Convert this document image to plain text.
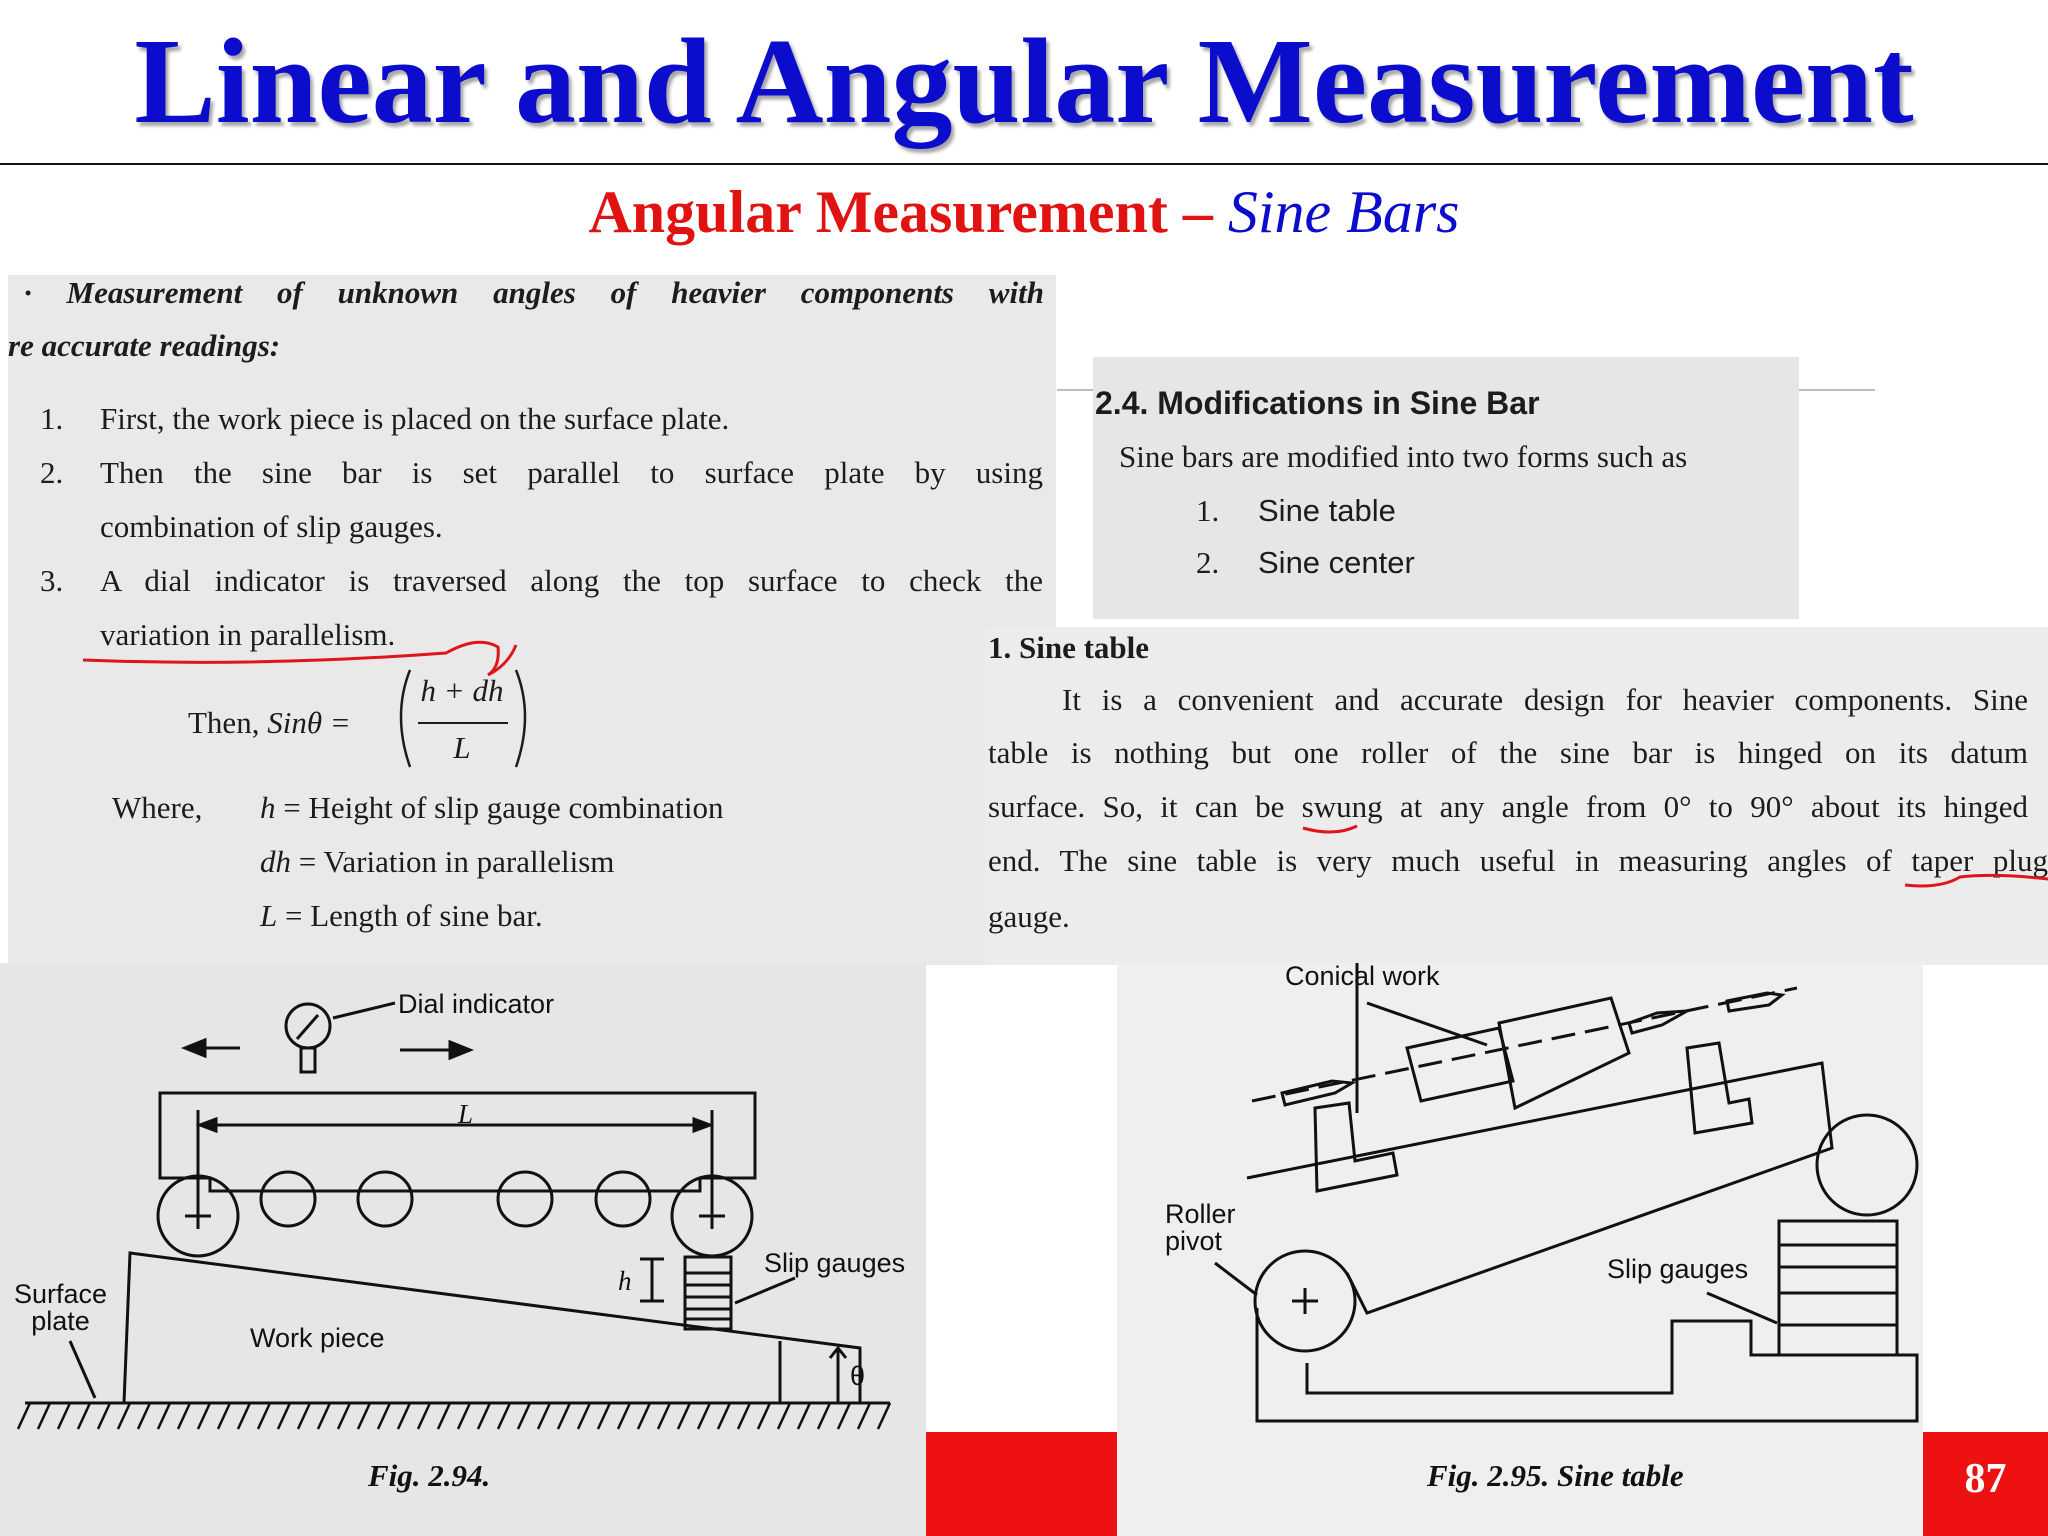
Linear and Angular Measurement
Angular Measurement – Sine Bars
· Measurement of unknown angles of heavier components with
re accurate readings:
1. First, the work piece is placed on the surface plate.
2. Then the sine bar is set parallel to surface plate by using
combination of slip gauges.
3. A dial indicator is traversed along the top surface to check the
variation in parallelism.
Then, Sinθ =
h + dh
L
Where, h = Height of slip gauge combination
dh = Variation in parallelism
L = Length of sine bar.
2.4. Modifications in Sine Bar
Sine bars are modified into two forms such as
1. Sine table
2. Sine center
1. Sine table
It is a convenient and accurate design for heavier components. Sine
table is nothing but one roller of the sine bar is hinged on its datum
surface. So, it can be swung at any angle from 0° to 90° about its hinged
end. The sine table is very much useful in measuring angles of taper plug
gauge.
87
Dial indicator
L
Slip gauges
Surface
plate
Work piece
h
θ
Fig. 2.94.
Conical work
Roller
pivot
Slip gauges
Fig. 2.95. Sine table
